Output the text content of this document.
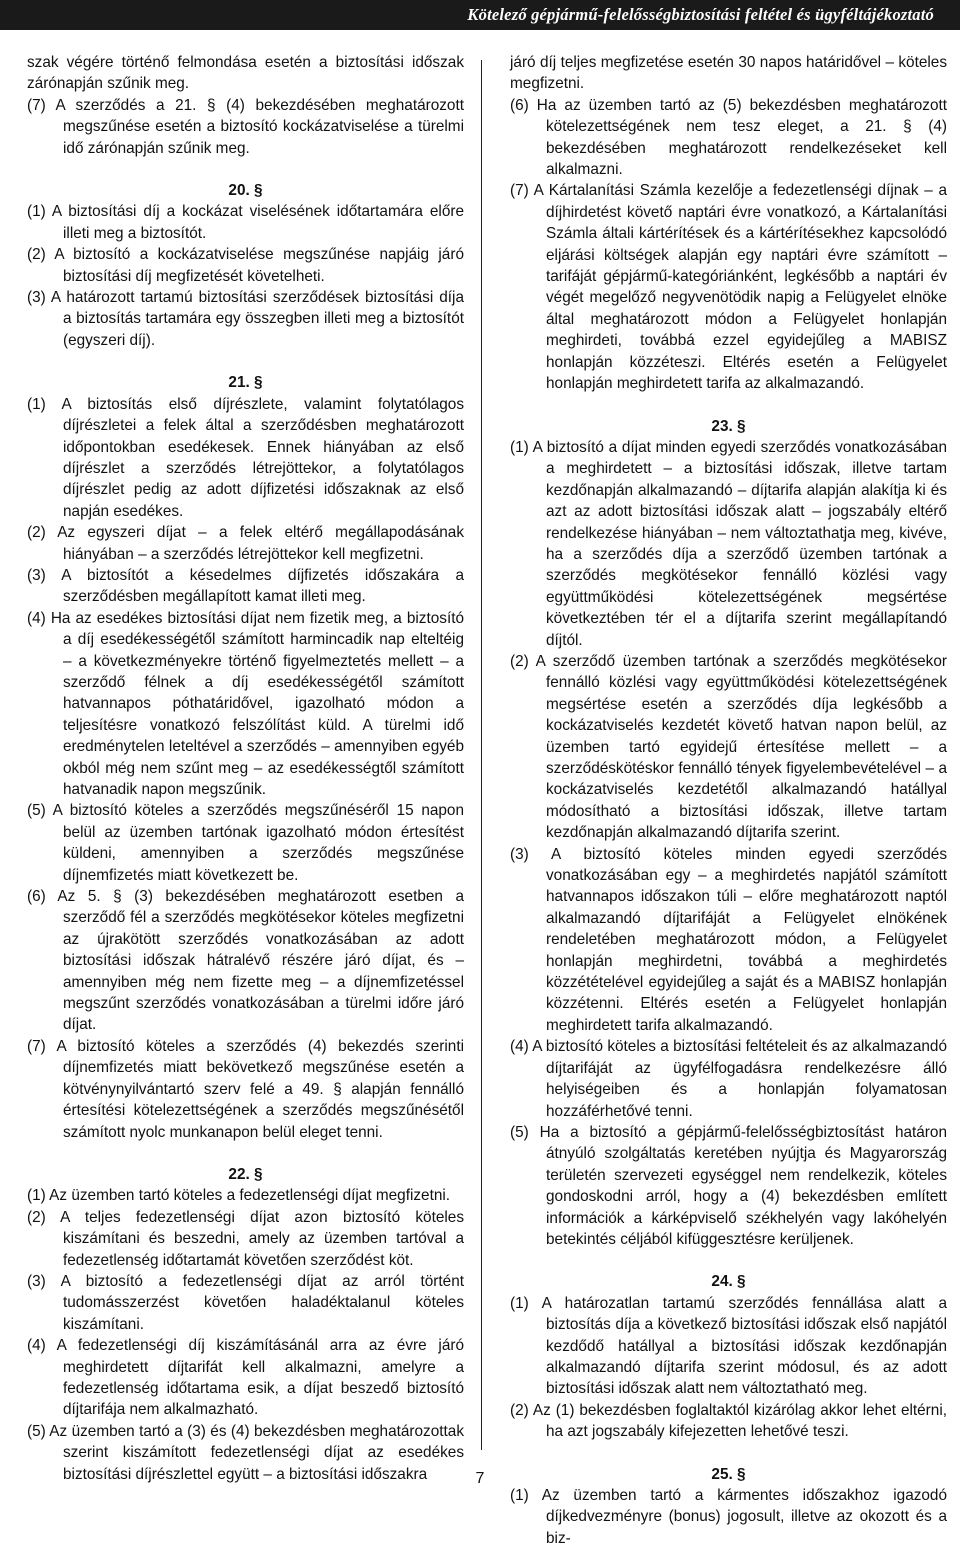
Kötelező gépjármű-felelősségbiztosítási feltétel és ügyféltájékoztató

szak végére történő felmondása esetén a biztosítási időszak zárónapján szűnik meg.

(7) A szerződés a 21. § (4) bekezdésében meghatározott megszűnése esetén a biztosító kockázatviselése a türelmi idő zárónapján szűnik meg.

20. §

(1) A biztosítási díj a kockázat viselésének időtartamára előre illeti meg a biztosítót.

(2) A biztosító a kockázatviselése megszűnése napjáig járó biztosítási díj megfizetését követelheti.

(3) A határozott tartamú biztosítási szerződések biztosítási díja a biztosítás tartamára egy összegben illeti meg a biztosítót (egyszeri díj).

21. §

(1) A biztosítás első díjrészlete, valamint folytatólagos díjrészletei a felek által a szerződésben meghatározott időpontokban esedékesek. Ennek hiányában az első díjrészlet a szerződés létrejöttekor, a folytatólagos díjrészlet pedig az adott díjfizetési időszaknak az első napján esedékes.

(2) Az egyszeri díjat – a felek eltérő megállapodásának hiányában – a szerződés létrejöttekor kell megfizetni.

(3) A biztosítót a késedelmes díjfizetés időszakára a szerződésben megállapított kamat illeti meg.

(4) Ha az esedékes biztosítási díjat nem fizetik meg, a biztosító a díj esedékességétől számított harmincadik nap elteltéig – a következményekre történő figyelmeztetés mellett – a szerződő félnek a díj esedékességétől számított hatvannapos póthatáridővel, igazolható módon a teljesítésre vonatkozó felszólítást küld. A türelmi idő eredménytelen leteltével a szerződés – amennyiben egyéb okból még nem szűnt meg – az esedékességtől számított hatvanadik napon megszűnik.

(5) A biztosító köteles a szerződés megszűnéséről 15 napon belül az üzemben tartónak igazolható módon értesítést küldeni, amennyiben a szerződés megszűnése díjnemfizetés miatt következett be.

(6) Az 5. § (3) bekezdésében meghatározott esetben a szerződő fél a szerződés megkötésekor köteles megfizetni az újrakötött szerződés vonatkozásában az adott biztosítási időszak hátralévő részére járó díjat, és – amennyiben még nem fizette meg – a díjnemfizetéssel megszűnt szerződés vonatkozásában a türelmi időre járó díjat.

(7) A biztosító köteles a szerződés (4) bekezdés szerinti díjnemfizetés miatt bekövetkező megszűnése esetén a kötvénynyilvántartó szerv felé a 49. § alapján fennálló értesítési kötelezettségének a szerződés megszűnésétől számított nyolc munkanapon belül eleget tenni.

22. §

(1) Az üzemben tartó köteles a fedezetlenségi díjat megfizetni.

(2) A teljes fedezetlenségi díjat azon biztosító köteles kiszámítani és beszedni, amely az üzemben tartóval a fedezetlenség időtartamát követően szerződést köt.

(3) A biztosító a fedezetlenségi díjat az arról történt tudomásszerzést követően haladéktalanul köteles kiszámítani.

(4) A fedezetlenségi díj kiszámításánál arra az évre járó meghirdetett díjtarifát kell alkalmazni, amelyre a fedezetlenség időtartama esik, a díjat beszedő biztosító díjtarifája nem alkalmazható.

(5) Az üzemben tartó a (3) és (4) bekezdésben meghatározottak szerint kiszámított fedezetlenségi díjat az esedékes biztosítási díjrészlettel együtt – a biztosítási időszakra

járó díj teljes megfizetése esetén 30 napos határidővel – köteles megfizetni.

(6) Ha az üzemben tartó az (5) bekezdésben meghatározott kötelezettségének nem tesz eleget, a 21. § (4) bekezdésében meghatározott rendelkezéseket kell alkalmazni.

(7) A Kártalanítási Számla kezelője a fedezetlenségi díjnak – a díjhirdetést követő naptári évre vonatkozó, a Kártalanítási Számla általi kártérítések és a kártérítésekhez kapcsolódó eljárási költségek alapján egy naptári évre számított – tarifáját gépjármű-kategóriánként, legkésőbb a naptári év végét megelőző negyvenötödik napig a Felügyelet elnöke által meghatározott módon a Felügyelet honlapján meghirdeti, továbbá ezzel egyidejűleg a MABISZ honlapján közzéteszi. Eltérés esetén a Felügyelet honlapján meghirdetett tarifa az alkalmazandó.

23. §

(1) A biztosító a díjat minden egyedi szerződés vonatkozásában a meghirdetett – a biztosítási időszak, illetve tartam kezdőnapján alkalmazandó – díjtarifa alapján alakítja ki és azt az adott biztosítási időszak alatt – jogszabály eltérő rendelkezése hiányában – nem változtathatja meg, kivéve, ha a szerződés díja a szerződő üzemben tartónak a szerződés megkötésekor fennálló közlési vagy együttműködési kötelezettségének megsértése következtében tér el a díjtarifa szerint megállapítandó díjtól.

(2) A szerződő üzemben tartónak a szerződés megkötésekor fennálló közlési vagy együttműködési kötelezettségének megsértése esetén a szerződés díja legkésőbb a kockázatviselés kezdetét követő hatvan napon belül, az üzemben tartó egyidejű értesítése mellett – a szerződéskötéskor fennálló tények figyelembevételével – a kockázatviselés kezdetétől alkalmazandó hatállyal módosítható a biztosítási időszak, illetve tartam kezdőnapján alkalmazandó díjtarifa szerint.

(3) A biztosító köteles minden egyedi szerződés vonatkozásában egy – a meghirdetés napjától számított hatvannapos időszakon túli – előre meghatározott naptól alkalmazandó díjtarifáját a Felügyelet elnökének rendeletében meghatározott módon, a Felügyelet honlapján meghirdetni, továbbá a meghirdetés közzétételével egyidejűleg a saját és a MABISZ honlapján közzétenni. Eltérés esetén a Felügyelet honlapján meghirdetett tarifa alkalmazandó.

(4) A biztosító köteles a biztosítási feltételeit és az alkalmazandó díjtarifáját az ügyfélfogadásra rendelkezésre álló helyiségeiben és a honlapján folyamatosan hozzáférhetővé tenni.

(5) Ha a biztosító a gépjármű-felelősségbiztosítást határon átnyúló szolgáltatás keretében nyújtja és Magyarország területén szervezeti egységgel nem rendelkezik, köteles gondoskodni arról, hogy a (4) bekezdésben említett információk a kárképviselő székhelyén vagy lakóhelyén betekintés céljából kifüggesztésre kerüljenek.

24. §

(1) A határozatlan tartamú szerződés fennállása alatt a biztosítás díja a következő biztosítási időszak első napjától kezdődő hatállyal a biztosítási időszak kezdőnapján alkalmazandó díjtarifa szerint módosul, és az adott biztosítási időszak alatt nem változtatható meg.

(2) Az (1) bekezdésben foglaltaktól kizárólag akkor lehet eltérni, ha azt jogszabály kifejezetten lehetővé teszi.

25. §

(1) Az üzemben tartó a kármentes időszakhoz igazodó díjkedvezményre (bonus) jogosult, illetve az okozott és a biz-

7
